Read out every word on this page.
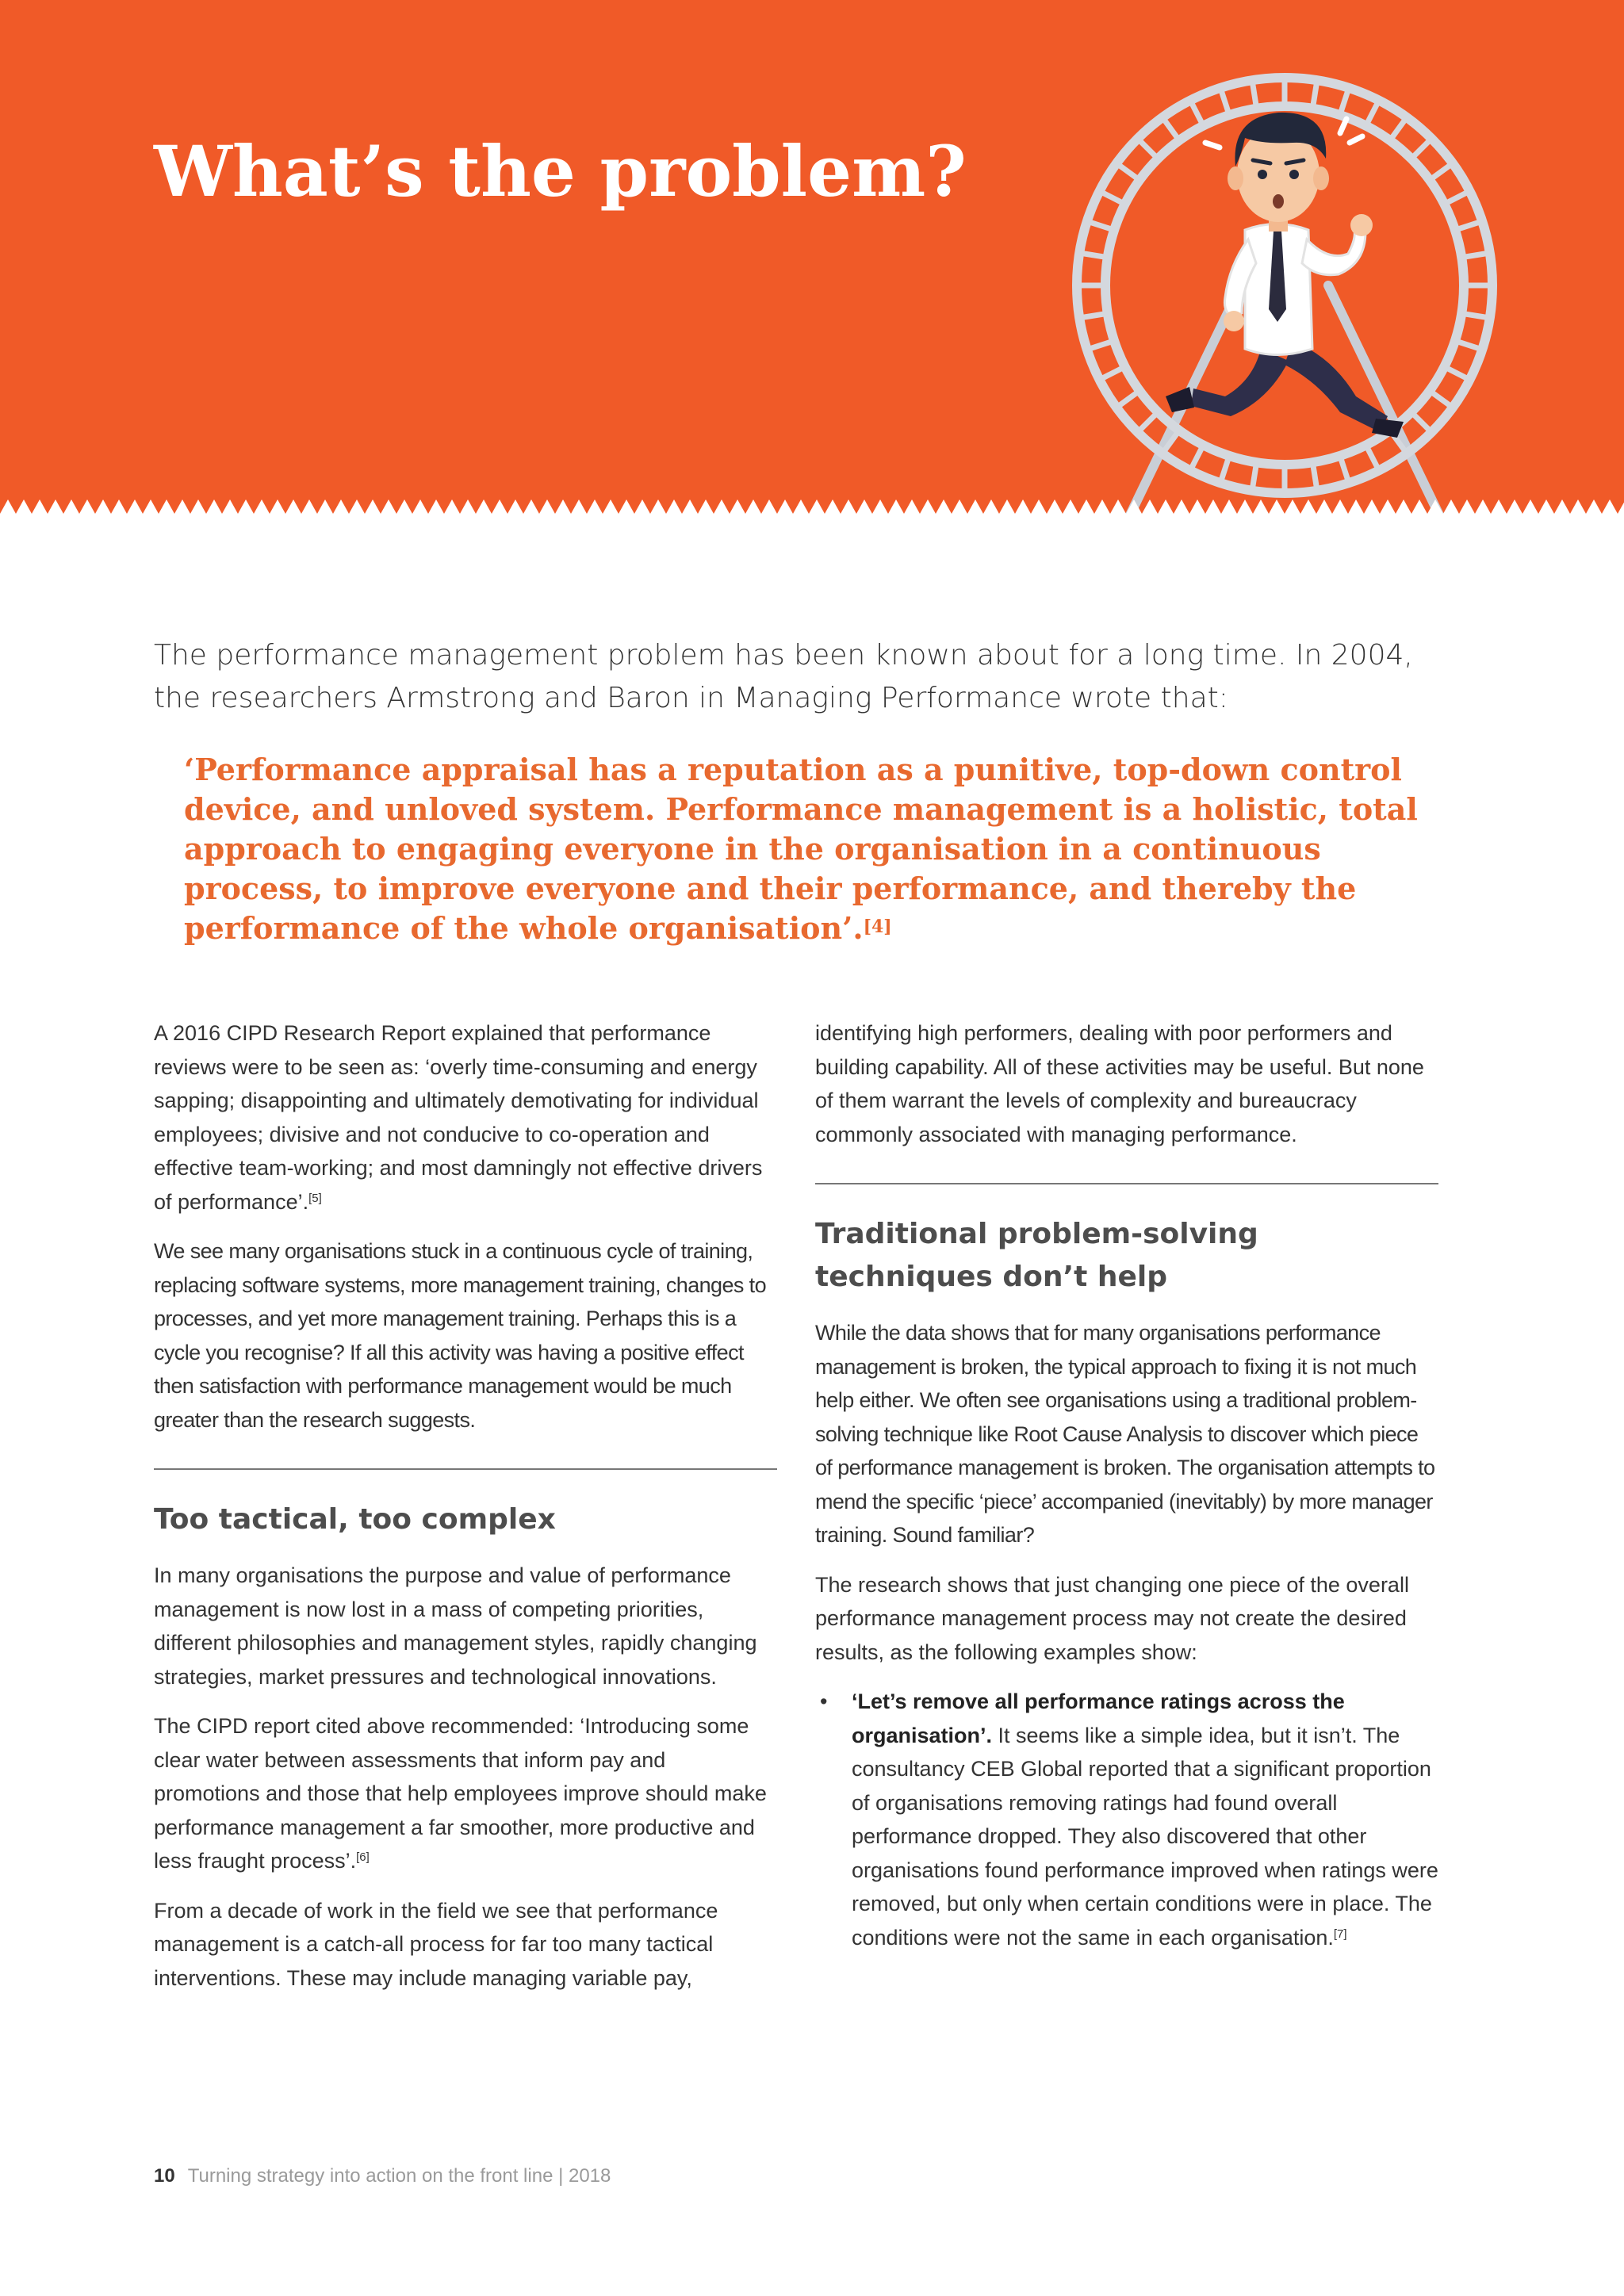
What’s the problem?

The performance management problem has been known about for a long time. In 2004, the researchers Armstrong and Baron in Managing Performance wrote that:

‘Performance appraisal has a reputation as a punitive, top-down control device, and unloved system. Performance management is a holistic, total approach to engaging everyone in the organisation in a continuous process, to improve everyone and their performance, and thereby the performance of the whole organisation’.[4]

A 2016 CIPD Research Report explained that performance reviews were to be seen as: ‘overly time-consuming and energy sapping; disappointing and ultimately demotivating for individual employees; divisive and not conducive to co-operation and effective team-working; and most damningly not effective drivers of performance’.[5]

We see many organisations stuck in a continuous cycle of training, replacing software systems, more management training, changes to processes, and yet more management training. Perhaps this is a cycle you recognise? If all this activity was having a positive effect then satisfaction with performance management would be much greater than the research suggests.

Too tactical, too complex

In many organisations the purpose and value of performance management is now lost in a mass of competing priorities, different philosophies and management styles, rapidly changing strategies, market pressures and technological innovations.

The CIPD report cited above recommended: ‘Introducing some clear water between assessments that inform pay and promotions and those that help employees improve should make performance management a far smoother, more productive and less fraught process’.[6]

From a decade of work in the field we see that performance management is a catch-all process for far too many tactical interventions. These may include managing variable pay,

identifying high performers, dealing with poor performers and building capability. All of these activities may be useful. But none of them warrant the levels of complexity and bureaucracy commonly associated with managing performance.

Traditional problem-solving techniques don’t help

While the data shows that for many organisations performance management is broken, the typical approach to fixing it is not much help either. We often see organisations using a traditional problem-solving technique like Root Cause Analysis to discover which piece of performance management is broken. The organisation attempts to mend the specific ‘piece’ accompanied (inevitably) by more manager training. Sound familiar?

The research shows that just changing one piece of the overall performance management process may not create the desired results, as the following examples show:

• ‘Let’s remove all performance ratings across the organisation’. It seems like a simple idea, but it isn’t. The consultancy CEB Global reported that a significant proportion of organisations removing ratings had found overall performance dropped. They also discovered that other organisations found performance improved when ratings were removed, but only when certain conditions were in place. The conditions were not the same in each organisation.[7]
10 Turning strategy into action on the front line | 2018
